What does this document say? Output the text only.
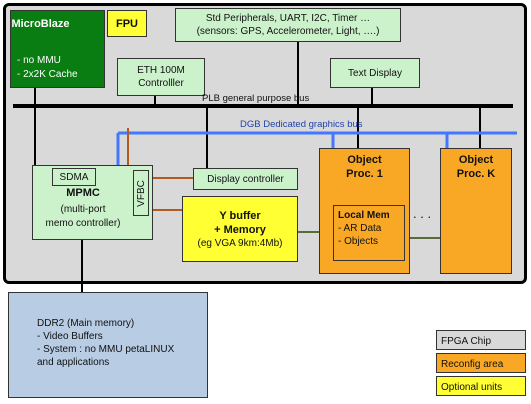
MicroBlaze
- no MMU
- 2x2K Cache
FPU	Std Peripherals, UART, I2C, Timer …
(sensors: GPS, Accelerometer, Light, ….)
ETH 100M
Controlller
Text Display
PLB general purpose bus
DGB Dedicated graphics bus
MPMC
(multi-port
memo controller)
SDMA
VFBC
Display controller
Y buffer
+ Memory
(eg VGA 9km:4Mb)
Object
Proc. 1
Local Mem
- AR Data
- Objects
. . .
Object
Proc. K
DDR2 (Main memory)
- Video Buffers
- System : no MMU petaLINUX
and applications
FPGA Chip
Reconfig area
Optional units
